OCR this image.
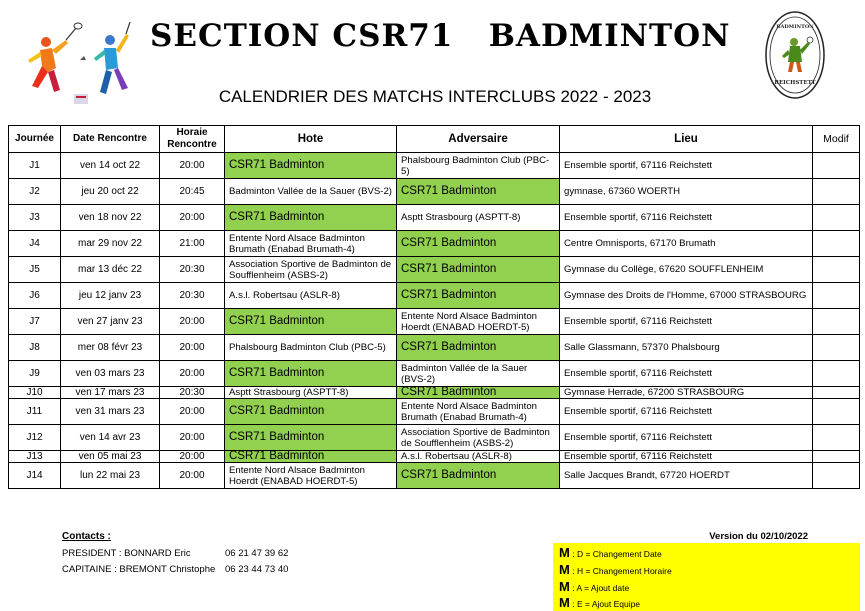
BADMINTON
REICHSTETT
SECTION CSR71   BADMINTON
CALENDRIER DES MATCHS INTERCLUBS 2022 - 2023
Journée	Date Rencontre	Horaie Rencontre	Hote	Adversaire	Lieu	Modif
J1	ven 14 oct 22	20:00	CSR71 Badminton	Phalsbourg Badminton Club (PBC-5)	Ensemble sportif, 67116 Reichstett	
J2	jeu 20 oct 22	20:45	Badminton Vallée de la Sauer (BVS-2)	CSR71 Badminton	gymnase, 67360 WOERTH	
J3	ven 18 nov 22	20:00	CSR71 Badminton	Asptt Strasbourg (ASPTT-8)	Ensemble sportif, 67116 Reichstett	
J4	mar 29 nov 22	21:00	Entente Nord Alsace Badminton Brumath (Enabad Brumath-4)	CSR71 Badminton	Centre Omnisports, 67170 Brumath	
J5	mar 13 déc 22	20:30	Association Sportive de Badminton de Soufflenheim (ASBS-2)	CSR71 Badminton	Gymnase du Collège, 67620 SOUFFLENHEIM	
J6	jeu 12 janv 23	20:30	A.s.l. Robertsau (ASLR-8)	CSR71 Badminton	Gymnase des Droits de l'Homme, 67000 STRASBOURG	
J7	ven 27 janv 23	20:00	CSR71 Badminton	Entente Nord Alsace Badminton Hoerdt (ENABAD HOERDT-5)	Ensemble sportif, 67116 Reichstett	
J8	mer 08 févr 23	20:00	Phalsbourg Badminton Club (PBC-5)	CSR71 Badminton	Salle Glassmann, 57370 Phalsbourg	
J9	ven 03 mars 23	20:00	CSR71 Badminton	Badminton Vallée de la Sauer (BVS-2)	Ensemble sportif, 67116 Reichstett	
J10	ven 17 mars 23	20:30	Asptt Strasbourg (ASPTT-8)	CSR71 Badminton	Gymnase Herrade, 67200 STRASBOURG	
J11	ven 31 mars 23	20:00	CSR71 Badminton	Entente Nord Alsace Badminton Brumath (Enabad Brumath-4)	Ensemble sportif, 67116 Reichstett	
J12	ven 14 avr 23	20:00	CSR71 Badminton	Association Sportive de Badminton de Soufflenheim (ASBS-2)	Ensemble sportif, 67116 Reichstett	
J13	ven 05 mai 23	20:00	CSR71 Badminton	A.s.l. Robertsau (ASLR-8)	Ensemble sportif, 67116 Reichstett	
J14	lun 22 mai 23	20:00	Entente Nord Alsace Badminton Hoerdt (ENABAD HOERDT-5)	CSR71 Badminton	Salle Jacques Brandt, 67720 HOERDT	
Contacts :
PRESIDENT : BONNARD Eric	06 21 47 39 62
CAPITAINE : BREMONT Christophe 06 23 44 73 40
Version du 02/10/2022
M : D = Changement Date
M : H = Changement Horaire
M : A = Ajout date
M : E = Ajout Equipe
